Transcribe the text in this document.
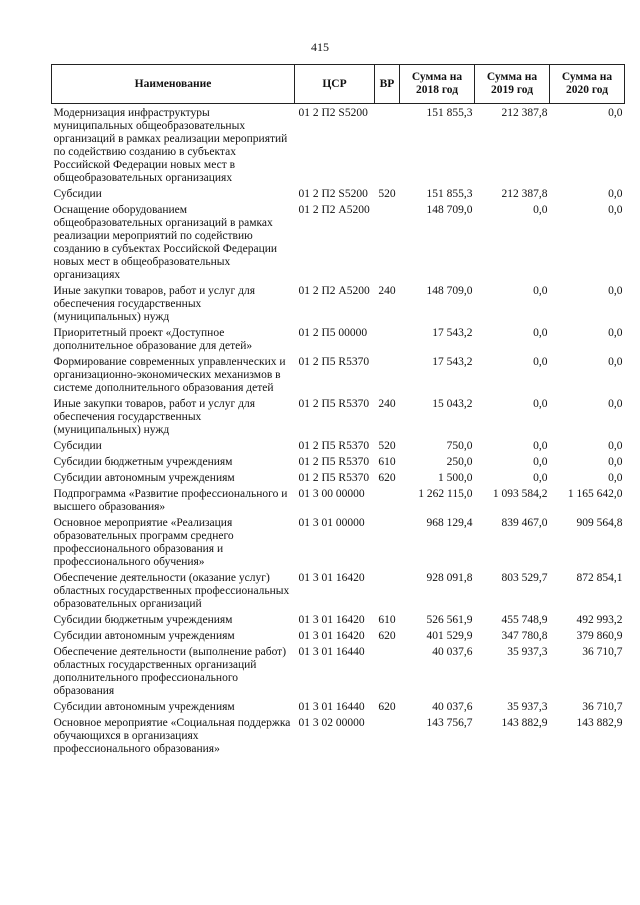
415
Наименование	ЦСР	ВР	Сумма на 2018 год	Сумма на 2019 год	Сумма на 2020 год
Модернизация инфраструктуры муниципальных общеобразовательных организаций в рамках реализации мероприятий по содействию созданию в субъектах Российской Федерации новых мест в общеобразовательных организациях	01 2 П2 S5200		151 855,3	212 387,8	0,0
Субсидии	01 2 П2 S5200	520	151 855,3	212 387,8	0,0
Оснащение оборудованием общеобразовательных организаций в рамках реализации мероприятий по содействию созданию в субъектах Российской Федерации новых мест в общеобразовательных организациях	01 2 П2 А5200		148 709,0	0,0	0,0
Иные закупки товаров, работ и услуг для обеспечения государственных (муниципальных) нужд	01 2 П2 А5200	240	148 709,0	0,0	0,0
Приоритетный проект «Доступное дополнительное образование для детей»	01 2 П5 00000		17 543,2	0,0	0,0
Формирование современных управленческих и организационно-экономических механизмов в системе дополнительного образования детей	01 2 П5 R5370		17 543,2	0,0	0,0
Иные закупки товаров, работ и услуг для обеспечения государственных (муниципальных) нужд	01 2 П5 R5370	240	15 043,2	0,0	0,0
Субсидии	01 2 П5 R5370	520	750,0	0,0	0,0
Субсидии бюджетным учреждениям	01 2 П5 R5370	610	250,0	0,0	0,0
Субсидии автономным учреждениям	01 2 П5 R5370	620	1 500,0	0,0	0,0
Подпрограмма «Развитие профессионального и высшего образования»	01 3 00 00000		1 262 115,0	1 093 584,2	1 165 642,0
Основное мероприятие «Реализация образовательных программ среднего профессионального образования и профессионального обучения»	01 3 01 00000		968 129,4	839 467,0	909 564,8
Обеспечение деятельности (оказание услуг) областных государственных профессиональных образовательных организаций	01 3 01 16420		928 091,8	803 529,7	872 854,1
Субсидии бюджетным учреждениям	01 3 01 16420	610	526 561,9	455 748,9	492 993,2
Субсидии автономным учреждениям	01 3 01 16420	620	401 529,9	347 780,8	379 860,9
Обеспечение деятельности (выполнение работ) областных государственных организаций дополнительного профессионального образования	01 3 01 16440		40 037,6	35 937,3	36 710,7
Субсидии автономным учреждениям	01 3 01 16440	620	40 037,6	35 937,3	36 710,7
Основное мероприятие «Социальная поддержка обучающихся в организациях профессионального образования»	01 3 02 00000		143 756,7	143 882,9	143 882,9
